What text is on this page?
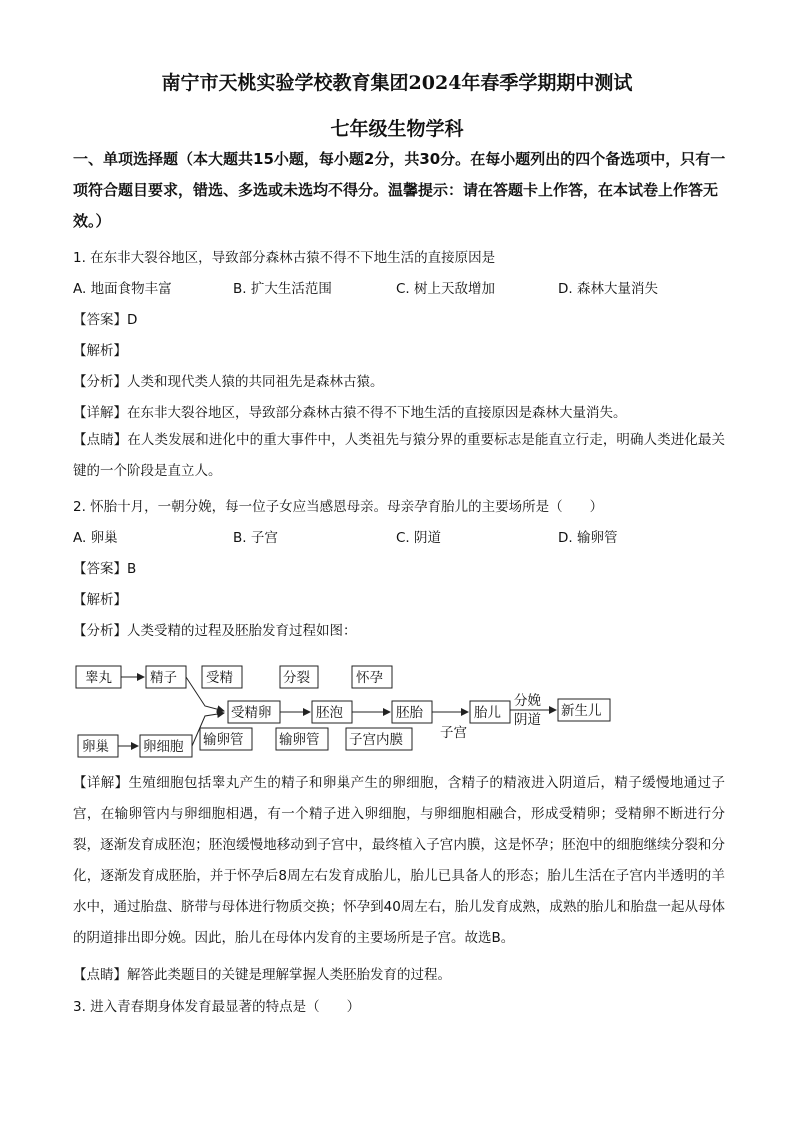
南宁市天桃实验学校教育集团2024年春季学期期中测试
七年级生物学科
一、单项选择题（本大题共15小题，每小题2分，共30分。在每小题列出的四个备选项中，只有一项符合题目要求，错选、多选或未选均不得分。温馨提示：请在答题卡上作答，在本试卷上作答无效。）
1. 在东非大裂谷地区，导致部分森林古猿不得不下地生活的直接原因是
A. 地面食物丰富	B. 扩大生活范围	C. 树上天敌增加	D. 森林大量消失
【答案】D
【解析】
【分析】人类和现代类人猿的共同祖先是森林古猿。
【详解】在东非大裂谷地区，导致部分森林古猿不得不下地生活的直接原因是森林大量消失。
【点睛】在人类发展和进化中的重大事件中，人类祖先与猿分界的重要标志是能直立行走，明确人类进化最关键的一个阶段是直立人。
2. 怀胎十月，一朝分娩，每一位子女应当感恩母亲。母亲孕育胎儿的主要场所是（　　）
A. 卵巢	B. 子宫	C. 阴道	D. 输卵管
【答案】B
【解析】
【分析】人类受精的过程及胚胎发育过程如图：
睾丸	精子
卵巢	卵细胞
受精
受精卵
输卵管
分裂
胚泡
输卵管
怀孕
胚胎
子宫内膜
胎儿
子宫
分娩
阴道
新生儿
【详解】生殖细胞包括睾丸产生的精子和卵巢产生的卵细胞，含精子的精液进入阴道后，精子缓慢地通过子宫，在输卵管内与卵细胞相遇，有一个精子进入卵细胞，与卵细胞相融合，形成受精卵；受精卵不断进行分裂，逐渐发育成胚泡；胚泡缓慢地移动到子宫中，最终植入子宫内膜，这是怀孕；胚泡中的细胞继续分裂和分化，逐渐发育成胚胎，并于怀孕后8周左右发育成胎儿，胎儿已具备人的形态；胎儿生活在子宫内半透明的羊水中，通过胎盘、脐带与母体进行物质交换；怀孕到40周左右，胎儿发育成熟，成熟的胎儿和胎盘一起从母体的阴道排出即分娩。因此，胎儿在母体内发育的主要场所是子宫。故选B。
【点睛】解答此类题目的关键是理解掌握人类胚胎发育的过程。
3. 进入青春期身体发育最显著的特点是（　　）
